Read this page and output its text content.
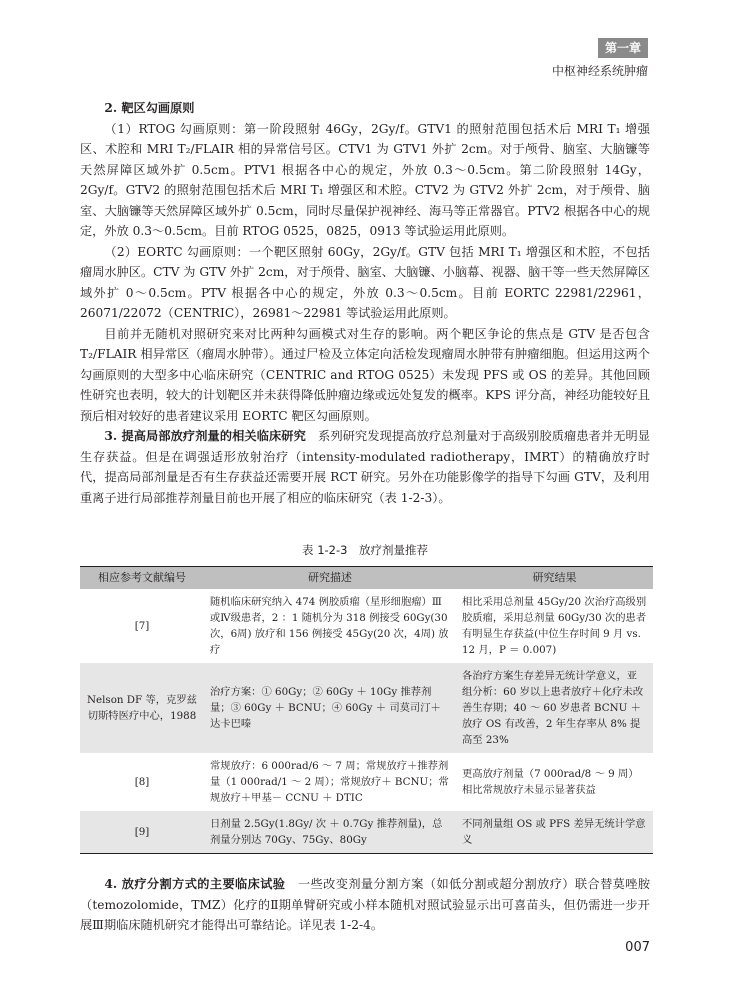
第一章
中枢神经系统肿瘤

2. 靶区勾画原则

（1）RTOG 勾画原则：第一阶段照射 46Gy，2Gy/f。GTV1 的照射范围包括术后 MRI T₁ 增强区、术腔和 MRI T₂/FLAIR 相的异常信号区。CTV1 为 GTV1 外扩 2cm。对于颅骨、脑室、大脑镰等天然屏障区域外扩 0.5cm。PTV1 根据各中心的规定，外放 0.3～0.5cm。第二阶段照射 14Gy，2Gy/f。GTV2 的照射范围包括术后 MRI T₁ 增强区和术腔。CTV2 为 GTV2 外扩 2cm，对于颅骨、脑室、大脑镰等天然屏障区域外扩 0.5cm，同时尽量保护视神经、海马等正常器官。PTV2 根据各中心的规定，外放 0.3～0.5cm。目前 RTOG 0525，0825，0913 等试验运用此原则。

（2）EORTC 勾画原则：一个靶区照射 60Gy，2Gy/f。GTV 包括 MRI T₁ 增强区和术腔，不包括瘤周水肿区。CTV 为 GTV 外扩 2cm，对于颅骨、脑室、大脑镰、小脑幕、视器、脑干等一些天然屏障区域外扩 0～0.5cm。PTV 根据各中心的规定，外放 0.3～0.5cm。目前 EORTC 22981/22961，26071/22072（CENTRIC），26981～22981 等试验运用此原则。

目前并无随机对照研究来对比两种勾画模式对生存的影响。两个靶区争论的焦点是 GTV 是否包含 T₂/FLAIR 相异常区（瘤周水肿带）。通过尸检及立体定向活检发现瘤周水肿带有肿瘤细胞。但运用这两个勾画原则的大型多中心临床研究（CENTRIC and RTOG 0525）未发现 PFS 或 OS 的差异。其他回顾性研究也表明，较大的计划靶区并未获得降低肿瘤边缘或远处复发的概率。KPS 评分高，神经功能较好且预后相对较好的患者建议采用 EORTC 靶区勾画原则。

3. 提高局部放疗剂量的相关临床研究　 系列研究发现提高放疗总剂量对于高级别胶质瘤患者并无明显生存获益。但是在调强适形放射治疗（intensity-modulated radiotherapy，IMRT）的精确放疗时代，提高局部剂量是否有生存获益还需要开展 RCT 研究。另外在功能影像学的指导下勾画 GTV，及利用重离子进行局部推荐剂量目前也开展了相应的临床研究（表 1-2-3）。

表 1-2-3　放疗剂量推荐
相应参考文献编号	研究描述	研究结果
[7]	随机临床研究纳入 474 例胶质瘤（星形细胞瘤）Ⅲ或Ⅳ级患者，2 ：1 随机分为 318 例接受 60Gy(30次，6周) 放疗和 156 例接受 45Gy(20 次，4周) 放疗	相比采用总剂量 45Gy/20 次治疗高级别胶质瘤，采用总剂量 60Gy/30 次的患者有明显生存获益(中位生存时间 9 月 vs. 12 月，P ＝ 0.007)
Nelson DF 等，克罗兹切斯特医疗中心，1988	治疗方案：① 60Gy；② 60Gy ＋ 10Gy 推荐剂量；③ 60Gy ＋ BCNU；④ 60Gy ＋ 司莫司汀＋达卡巴嗪	各治疗方案生存差异无统计学意义，亚组分析：60 岁以上患者放疗＋化疗未改善生存期；40 ～ 60 岁患者 BCNU ＋放疗 OS 有改善，2 年生存率从 8% 提高至 23%
[8]	常规放疗：6 000rad/6 ～ 7 周；常规放疗＋推荐剂量（1 000rad/1 ～ 2 周）；常规放疗＋ BCNU；常规放疗＋甲基－ CCNU ＋ DTIC	更高放疗剂量（7 000rad/8 ～ 9 周）相比常规放疗未显示显著获益
[9]	日剂量 2.5Gy(1.8Gy/ 次 ＋ 0.7Gy 推荐剂量)，总剂量分别达 70Gy、75Gy、80Gy	不同剂量组 OS 或 PFS 差异无统计学意义

4. 放疗分割方式的主要临床试验　 一些改变剂量分割方案（如低分割或超分割放疗）联合替莫唑胺（temozolomide，TMZ）化疗的Ⅱ期单臂研究或小样本随机对照试验显示出可喜苗头，但仍需进一步开展Ⅲ期临床随机研究才能得出可靠结论。详见表 1-2-4。

007
